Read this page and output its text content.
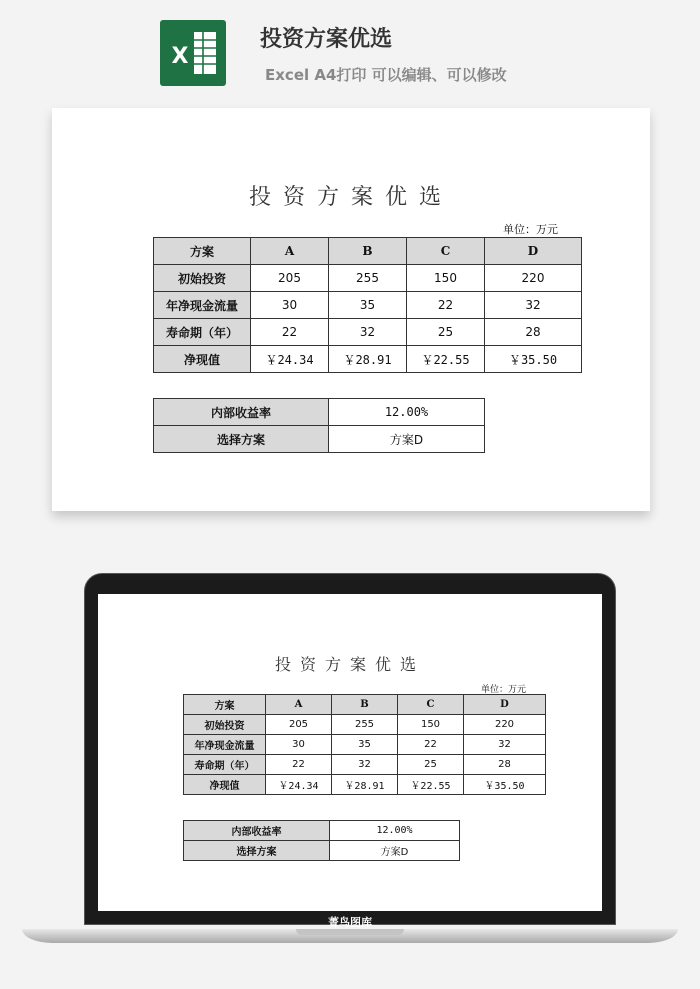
X
投资方案优选
Excel A4打印 可以编辑、可以修改
投资方案优选
单位：万元
方案	A	B	C	D
初始投资	205	255	150	220
年净现金流量	30	35	22	32
寿命期（年）	22	32	25	28
净现值	￥24.34	￥28.91	￥22.55	￥35.50
内部收益率	12.00%
选择方案	方案D
投资方案优选
单位：万元
方案	A	B	C	D
初始投资	205	255	150	220
年净现金流量	30	35	22	32
寿命期（年）	22	32	25	28
净现值	￥24.34	￥28.91	￥22.55	￥35.50
内部收益率	12.00%
选择方案	方案D
菁鸟图库
